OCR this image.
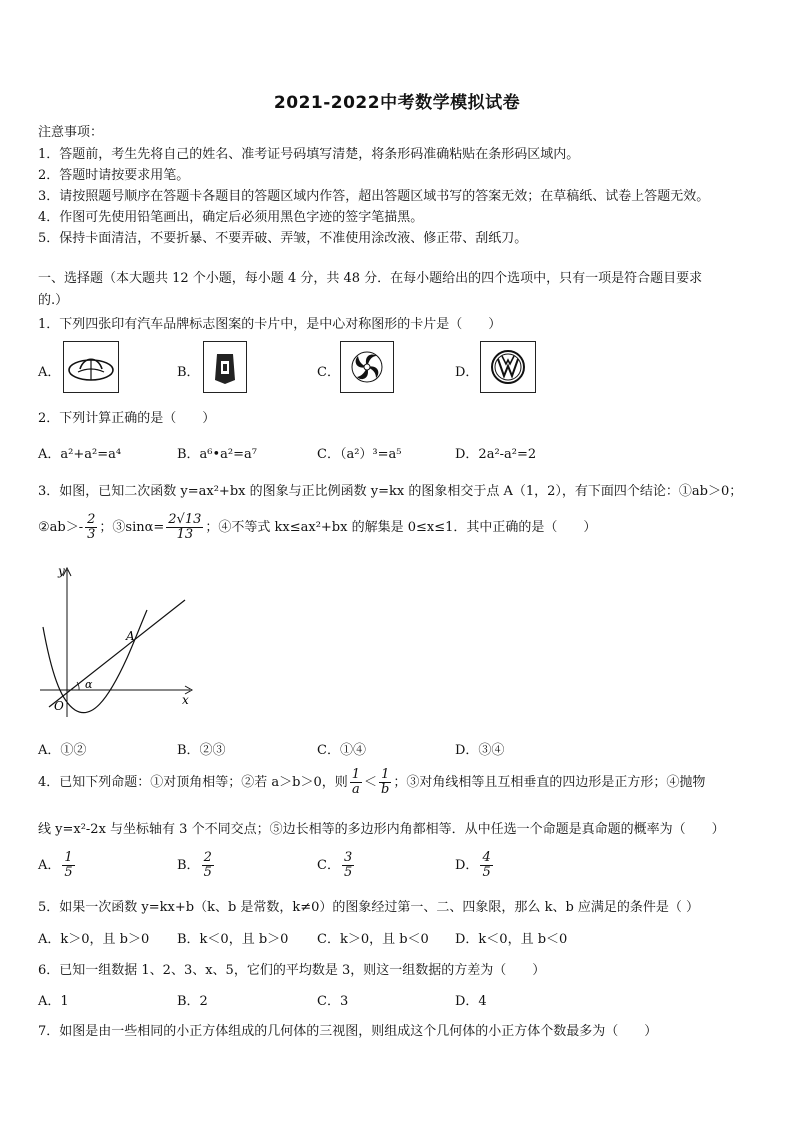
2021-2022中考数学模拟试卷
注意事项：
1．答题前，考生先将自己的姓名、准考证号码填写清楚，将条形码准确粘贴在条形码区域内。
2．答题时请按要求用笔。
3．请按照题号顺序在答题卡各题目的答题区域内作答，超出答题区域书写的答案无效；在草稿纸、试卷上答题无效。
4．作图可先使用铅笔画出，确定后必须用黑色字迹的签字笔描黑。
5．保持卡面清洁，不要折暴、不要弄破、弄皱，不准使用涂改液、修正带、刮纸刀。
一、选择题（本大题共 12 个小题，每小题 4 分，共 48 分．在每小题给出的四个选项中，只有一项是符合题目要求
的.）
1．下列四张印有汽车品牌标志图案的卡片中，是中心对称图形的卡片是（　　）
A．	B．	C．	D．
2．下列计算正确的是（　　）
A．a²+a²=a⁴	B．a⁶•a²=a⁷	C．（a²）³=a⁵	D．2a²-a²=2
3．如图，已知二次函数 y=ax²+bx 的图象与正比例函数 y=kx 的图象相交于点 A（1，2），有下面四个结论：①ab＞0；
②ab＞- $\frac{2}{3}$ ；③sinα= $\frac{2√13}{13}$ ；④不等式 kx≤ax²+bx 的解集是 0≤x≤1．其中正确的是（　　）
y
x
O
A
α
A．①②	B．②③	C．①④	D．③④
4．已知下列命题：①对顶角相等；②若 a＞b＞0，则 $\frac{1}{a} < \frac{1}{b}$ ；③对角线相等且互相垂直的四边形是正方形；④抛物
线 y=x²-2x 与坐标轴有 3 个不同交点；⑤边长相等的多边形内角都相等．从中任选一个命题是真命题的概率为（　　）
A． $\frac{1}{5}$	B． $\frac{2}{5}$	C． $\frac{3}{5}$	D． $\frac{4}{5}$
5．如果一次函数 y=kx+b（k、b 是常数，k≠0）的图象经过第一、二、四象限，那么 k、b 应满足的条件是（ ）
A．k＞0，且 b＞0 B．k＜0，且 b＞0 C．k＞0，且 b＜0 D．k＜0，且 b＜0
6．已知一组数据 1、2、3、x、5，它们的平均数是 3，则这一组数据的方差为（　　）
A．1	B．2	C．3	D．4
7．如图是由一些相同的小正方体组成的几何体的三视图，则组成这个几何体的小正方体个数最多为（　　）
